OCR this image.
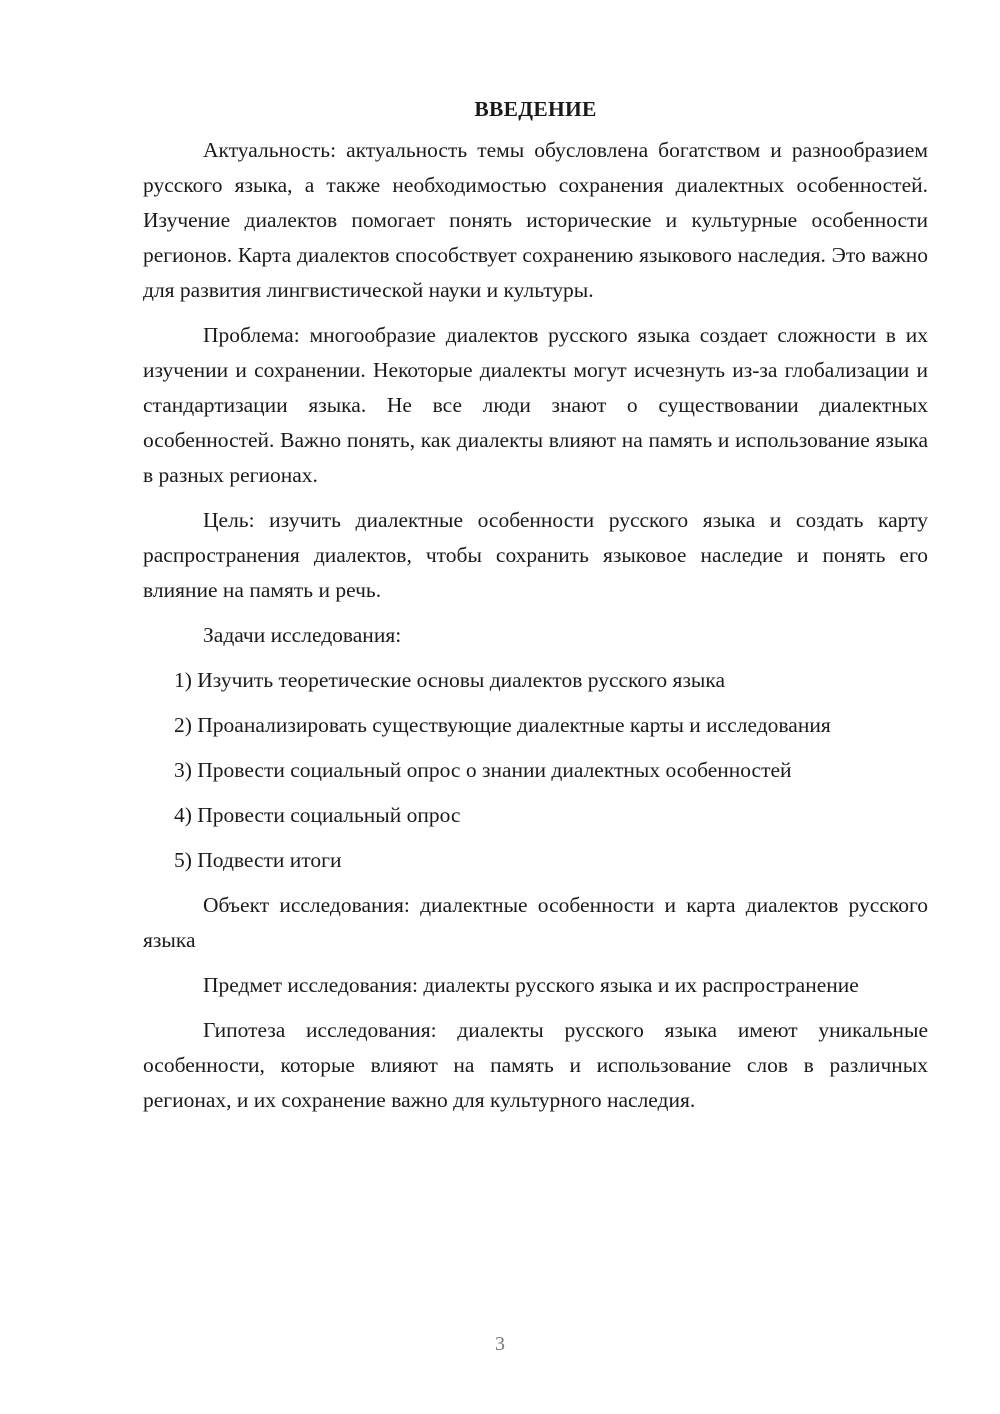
ВВЕДЕНИЕ

Актуальность: актуальность темы обусловлена богатством и разнообразием русского языка, а также необходимостью сохранения диалектных особенностей. Изучение диалектов помогает понять исторические и культурные особенности регионов. Карта диалектов способствует сохранению языкового наследия. Это важно для развития лингвистической науки и культуры.

Проблема: многообразие диалектов русского языка создает сложности в их изучении и сохранении. Некоторые диалекты могут исчезнуть из-за глобализации и стандартизации языка. Не все люди знают о существовании диалектных особенностей. Важно понять, как диалекты влияют на память и использование языка в разных регионах.

Цель: изучить диалектные особенности русского языка и создать карту распространения диалектов, чтобы сохранить языковое наследие и понять его влияние на память и речь.

Задачи исследования:

1) Изучить теоретические основы диалектов русского языка

2) Проанализировать существующие диалектные карты и исследования

3) Провести социальный опрос о знании диалектных особенностей

4) Провести социальный опрос

5) Подвести итоги

Объект исследования: диалектные особенности и карта диалектов русского языка

Предмет исследования: диалекты русского языка и их распространение

Гипотеза исследования: диалекты русского языка имеют уникальные особенности, которые влияют на память и использование слов в различных регионах, и их сохранение важно для культурного наследия.

3
